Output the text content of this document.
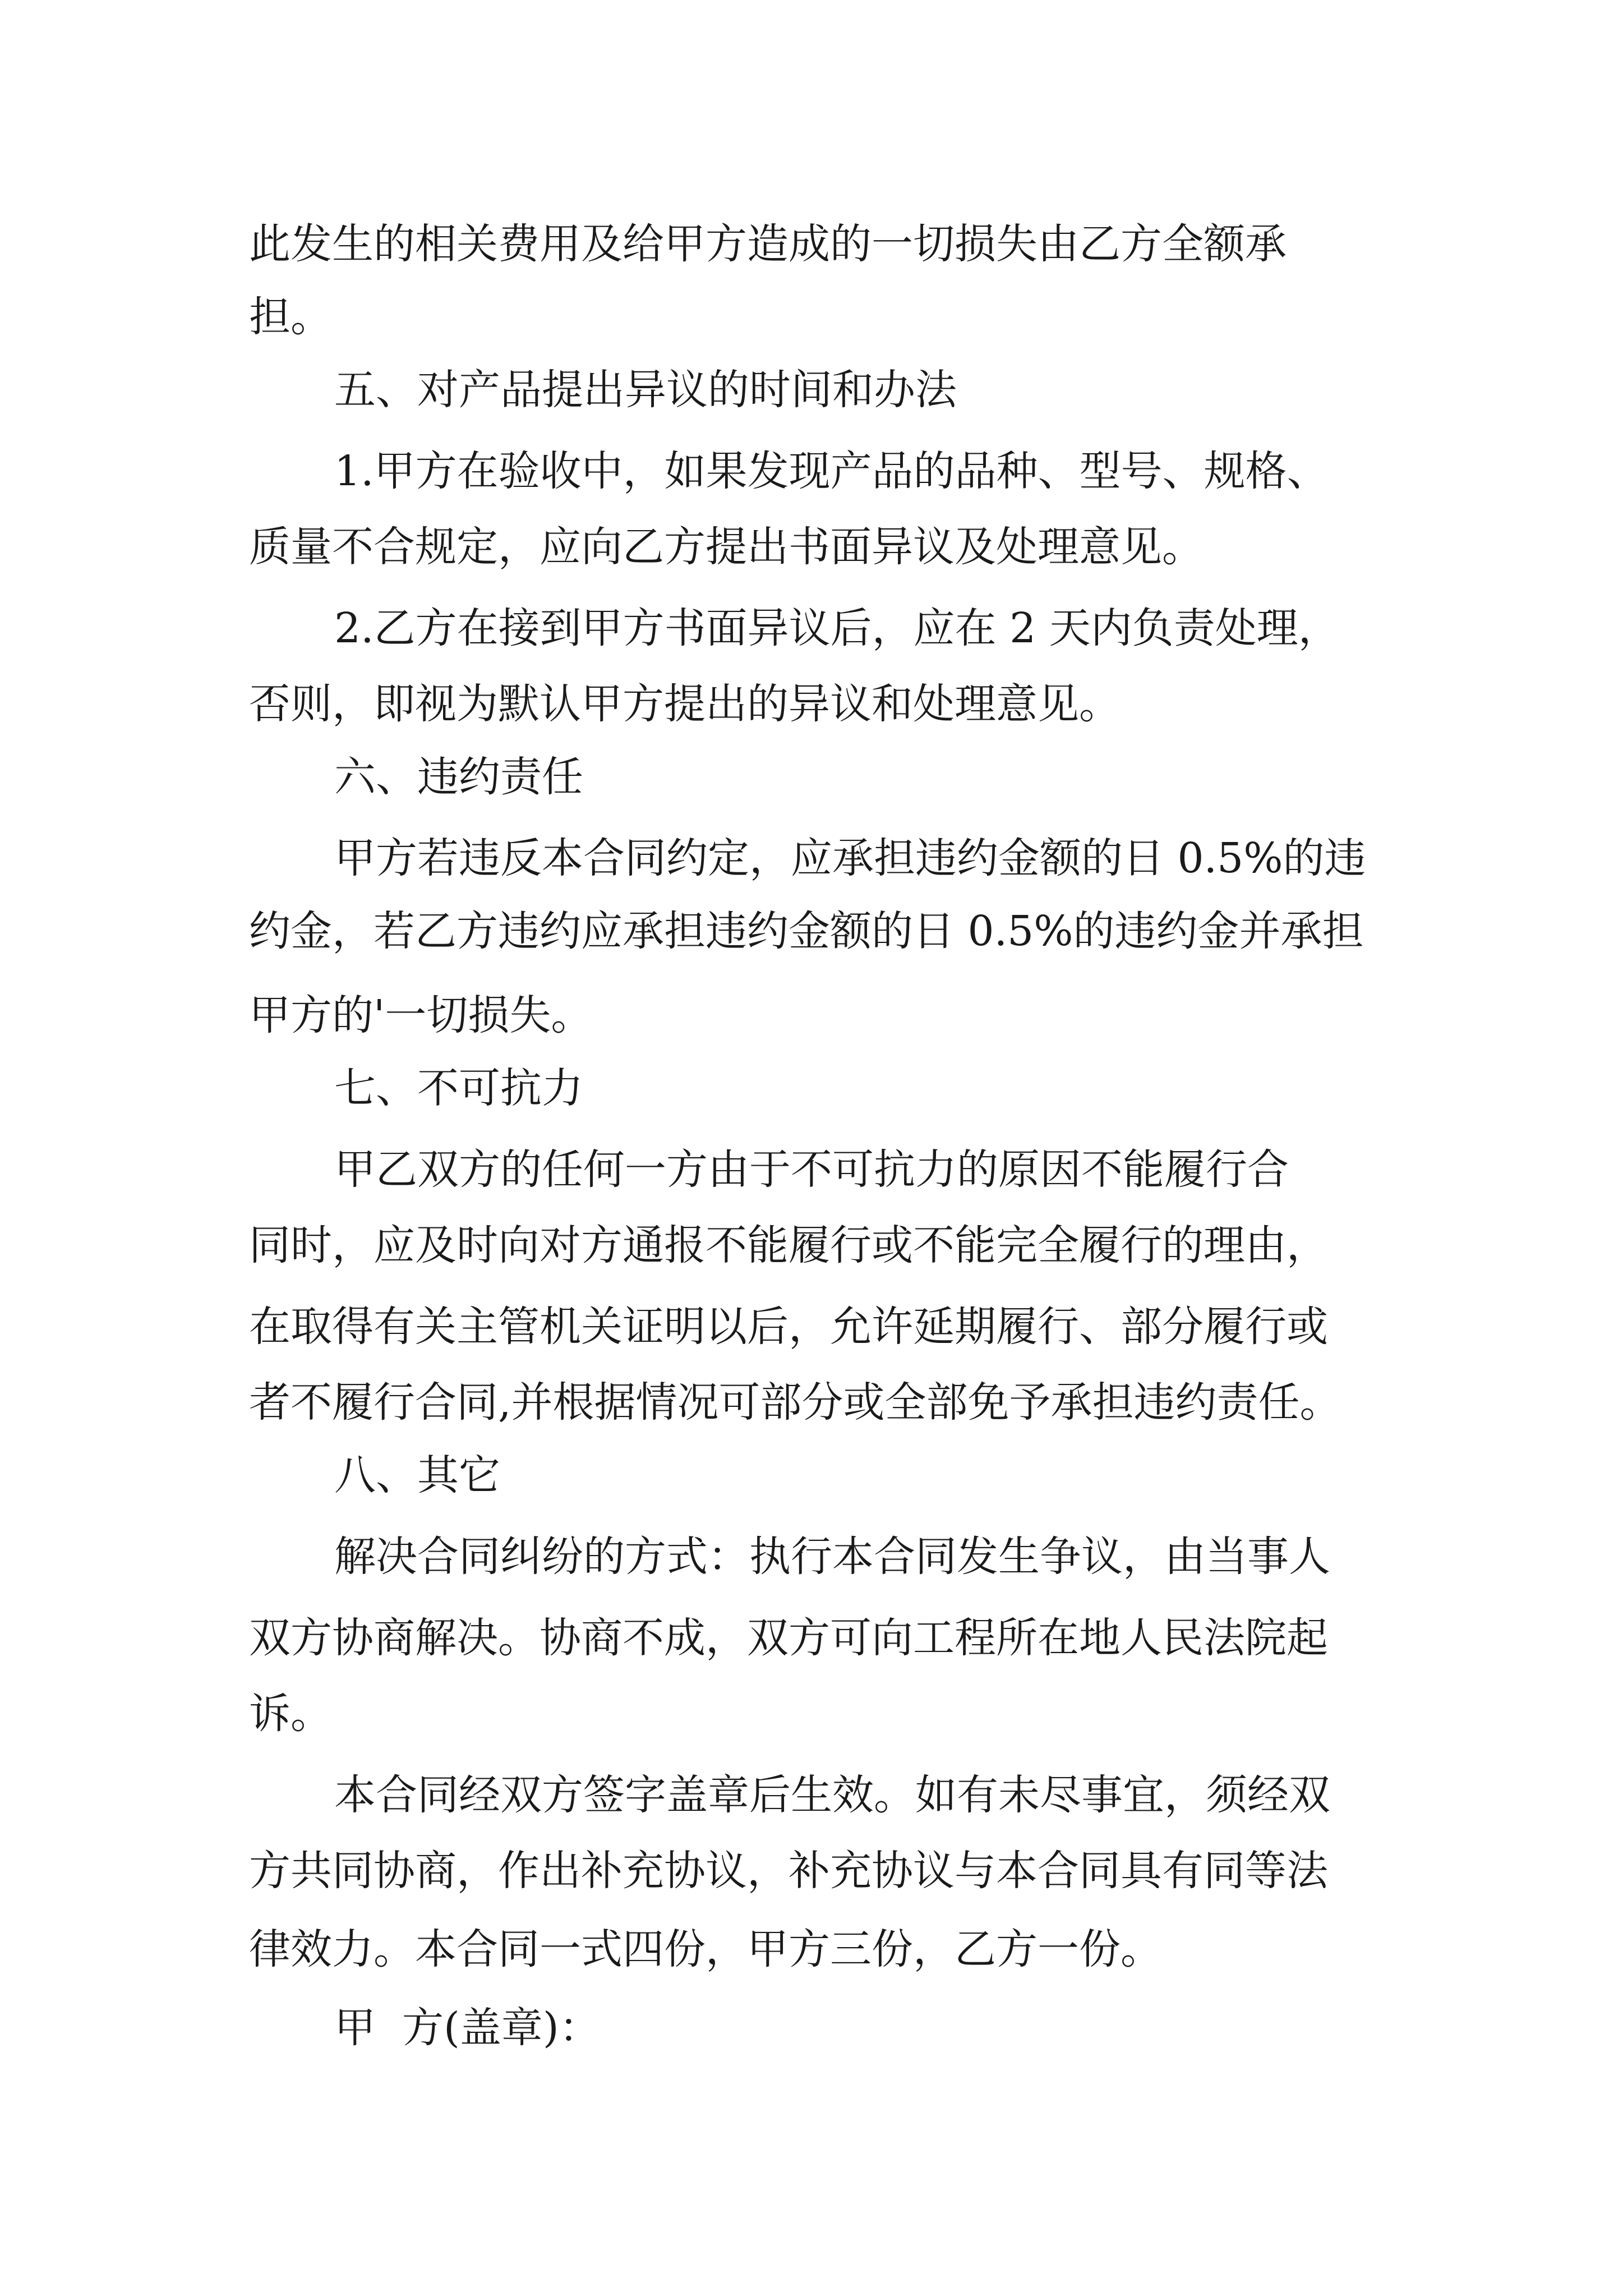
此发生的相关费用及给甲方造成的一切损失由乙方全额承
担。
五、对产品提出异议的时间和办法
1.甲方在验收中，如果发现产品的品种、型号、规格、
质量不合规定，应向乙方提出书面异议及处理意见。
2.乙方在接到甲方书面异议后，应在 2 天内负责处理，
否则，即视为默认甲方提出的异议和处理意见。
六、违约责任
甲方若违反本合同约定，应承担违约金额的日 0.5%的违
约金，若乙方违约应承担违约金额的日 0.5%的违约金并承担
甲方的'一切损失。
七、不可抗力
甲乙双方的任何一方由于不可抗力的原因不能履行合
同时，应及时向对方通报不能履行或不能完全履行的理由，
在取得有关主管机关证明以后，允许延期履行、部分履行或
者不履行合同,并根据情况可部分或全部免予承担违约责任。
八、其它
解决合同纠纷的方式：执行本合同发生争议，由当事人
双方协商解决。协商不成，双方可向工程所在地人民法院起
诉。
本合同经双方签字盖章后生效。如有未尽事宜，须经双
方共同协商，作出补充协议，补充协议与本合同具有同等法
律效力。本合同一式四份，甲方三份，乙方一份。
甲  方(盖章)：
